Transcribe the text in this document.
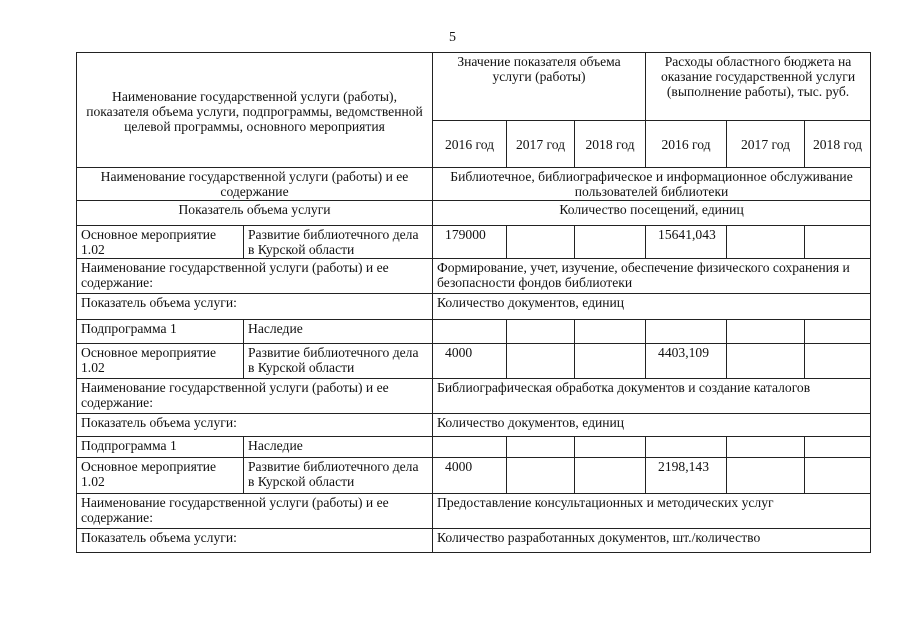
5
Наименование государственной услуги (работы), показателя объема услуги, подпрограммы, ведомственной целевой программы, основного мероприятия		Значение показателя объема услуги (работы)			Расходы областного бюджета на оказание государственной услуги (выполнение работы), тыс. руб.		
		2016 год	2017 год	2018 год	2016 год	2017 год	2018 год
Наименование государственной услуги (работы) и ее содержание		Библиотечное, библиографическое и информационное обслуживание пользователей библиотеки					
Показатель объема услуги		Количество посещений, единиц					
Основное мероприятие 1.02	Развитие библиотечного дела в Курской области	179000			15641,043		
Наименование государственной услуги (работы) и ее содержание:		Формирование, учет, изучение, обеспечение физического сохранения и безопасности фондов библиотеки					
Показатель объема услуги:		Количество документов, единиц					
Подпрограмма 1	Наследие						
Основное мероприятие 1.02	Развитие библиотечного дела в Курской области	4000			4403,109		
Наименование государственной услуги (работы) и ее содержание:		Библиографическая обработка документов и создание каталогов					
Показатель объема услуги:		Количество документов, единиц					
Подпрограмма 1	Наследие						
Основное мероприятие 1.02	Развитие библиотечного дела в Курской области	4000			2198,143		
Наименование государственной услуги (работы) и ее содержание:		Предоставление консультационных и методических услуг					
Показатель объема услуги:		Количество разработанных документов, шт./количество					
